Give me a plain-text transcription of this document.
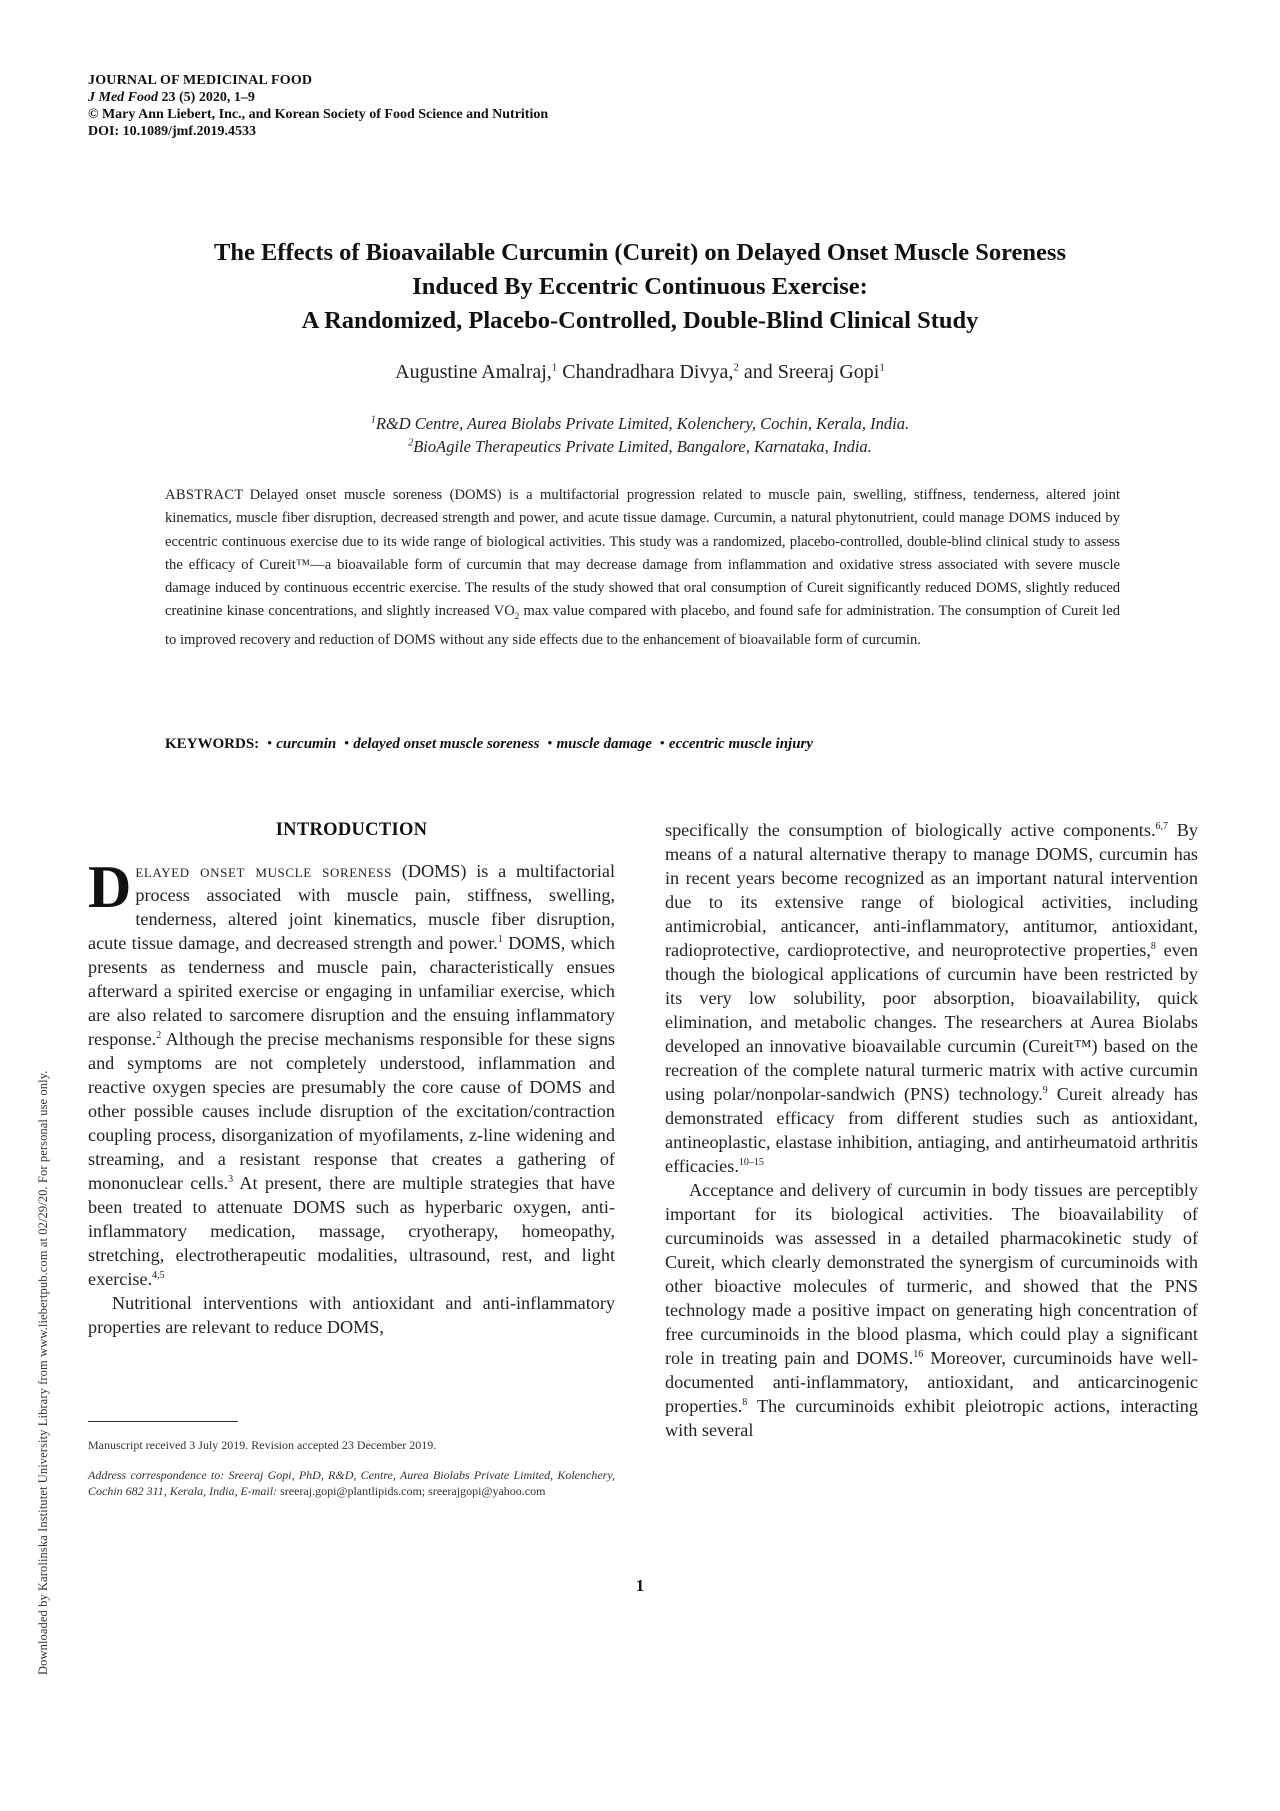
Downloaded by Karolinska Institutet University Library from www.liebertpub.com at 02/29/20. For personal use only.
JOURNAL OF MEDICINAL FOOD
J Med Food 23 (5) 2020, 1–9
© Mary Ann Liebert, Inc., and Korean Society of Food Science and Nutrition
DOI: 10.1089/jmf.2019.4533
The Effects of Bioavailable Curcumin (Cureit) on Delayed Onset Muscle Soreness
Induced By Eccentric Continuous Exercise:
A Randomized, Placebo-Controlled, Double-Blind Clinical Study
Augustine Amalraj,$^1$ Chandradhara Divya,$^2$ and Sreeraj Gopi$^1$
$^1$R&D Centre, Aurea Biolabs Private Limited, Kolenchery, Cochin, Kerala, India.
$^2$BioAgile Therapeutics Private Limited, Bangalore, Karnataka, India.
ABSTRACT Delayed onset muscle soreness (DOMS) is a multifactorial progression related to muscle pain, swelling, stiffness, tenderness, altered joint kinematics, muscle fiber disruption, decreased strength and power, and acute tissue damage. Curcumin, a natural phytonutrient, could manage DOMS induced by eccentric continuous exercise due to its wide range of biological activities. This study was a randomized, placebo-controlled, double-blind clinical study to assess the efficacy of Cureit™—a bioavailable form of curcumin that may decrease damage from inflammation and oxidative stress associated with severe muscle damage induced by continuous eccentric exercise. The results of the study showed that oral consumption of Cureit significantly reduced DOMS, slightly reduced creatinine kinase concentrations, and slightly increased $VO_2$ max value compared with placebo, and found safe for administration. The consumption of Cureit led to improved recovery and reduction of DOMS without any side effects due to the enhancement of bioavailable form of curcumin.
KEYWORDS: • curcumin • delayed onset muscle soreness • muscle damage • eccentric muscle injury
INTRODUCTION

Delayed onset muscle soreness (DOMS) is a multifactorial process associated with muscle pain, stiffness, swelling, tenderness, altered joint kinematics, muscle fiber disruption, acute tissue damage, and decreased strength and power.$^1$ DOMS, which presents as tenderness and muscle pain, characteristically ensues afterward a spirited exercise or engaging in unfamiliar exercise, which are also related to sarcomere disruption and the ensuing inflammatory response.$^2$ Although the precise mechanisms responsible for these signs and symptoms are not completely understood, inflammation and reactive oxygen species are presumably the core cause of DOMS and other possible causes include disruption of the excitation/contraction coupling process, disorganization of myofilaments, z-line widening and streaming, and a resistant response that creates a gathering of mononuclear cells.$^3$ At present, there are multiple strategies that have been treated to attenuate DOMS such as hyperbaric oxygen, anti-inflammatory medication, massage, cryotherapy, homeopathy, stretching, electrotherapeutic modalities, ultrasound, rest, and light exercise.$^{4,5}$

Nutritional interventions with antioxidant and anti-inflammatory properties are relevant to reduce DOMS,

specifically the consumption of biologically active components.$^{6,7}$ By means of a natural alternative therapy to manage DOMS, curcumin has in recent years become recognized as an important natural intervention due to its extensive range of biological activities, including antimicrobial, anticancer, anti-inflammatory, antitumor, antioxidant, radioprotective, cardioprotective, and neuroprotective properties,$^8$ even though the biological applications of curcumin have been restricted by its very low solubility, poor absorption, bioavailability, quick elimination, and metabolic changes. The researchers at Aurea Biolabs developed an innovative bioavailable curcumin (Cureit™) based on the recreation of the complete natural turmeric matrix with active curcumin using polar/nonpolar-sandwich (PNS) technology.$^9$ Cureit already has demonstrated efficacy from different studies such as antioxidant, antineoplastic, elastase inhibition, antiaging, and antirheumatoid arthritis efficacies.$^{10-15}$

Acceptance and delivery of curcumin in body tissues are perceptibly important for its biological activities. The bioavailability of curcuminoids was assessed in a detailed pharmacokinetic study of Cureit, which clearly demonstrated the synergism of curcuminoids with other bioactive molecules of turmeric, and showed that the PNS technology made a positive impact on generating high concentration of free curcuminoids in the blood plasma, which could play a significant role in treating pain and DOMS.$^{16}$ Moreover, curcuminoids have well-documented anti-inflammatory, antioxidant, and anticarcinogenic properties.$^8$ The curcuminoids exhibit pleiotropic actions, interacting with several

Manuscript received 3 July 2019. Revision accepted 23 December 2019.
Address correspondence to: Sreeraj Gopi, PhD, R&D, Centre, Aurea Biolabs Private Limited, Kolenchery, Cochin 682 311, Kerala, India, E-mail: sreeraj.gopi@plantlipids.com; sreerajgopi@yahoo.com
1
